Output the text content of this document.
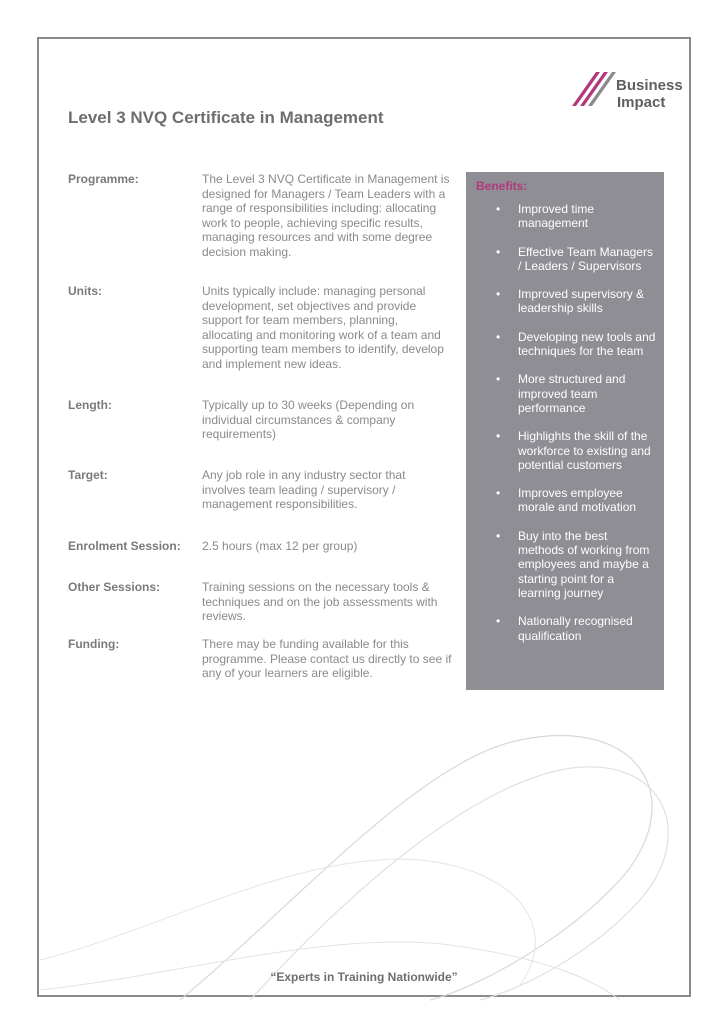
Business
Impact
Level 3 NVQ Certificate in Management
Programme:	The Level 3 NVQ Certificate in Management is designed for Managers / Team Leaders with a range of responsibilities including: allocating work to people, achieving specific results, managing resources and with some degree decision making.
Units:	Units typically include: managing personal development, set objectives and provide support for team members, planning, allocating and monitoring work of a team and supporting team members to identify, develop and implement new ideas.
Length:	Typically up to 30 weeks (Depending on individual circumstances & company requirements)
Target:	Any job role in any industry sector that involves team leading / supervisory / management responsibilities.
Enrolment Session: 2.5 hours (max 12 per group)
Other Sessions:	Training sessions on the necessary tools & techniques and on the job assessments with reviews.
Funding:	There may be funding available for this programme. Please contact us directly to see if any of your learners are eligible.
Benefits:
• Improved time management
• Effective Team Managers / Leaders / Supervisors
• Improved supervisory & leadership skills
• Developing new tools and techniques for the team
• More structured and improved team performance
• Highlights the skill of the workforce to existing and potential customers
• Improves employee morale and motivation
• Buy into the best methods of working from employees and maybe a starting point for a learning journey
• Nationally recognised qualification
“Experts in Training Nationwide”
